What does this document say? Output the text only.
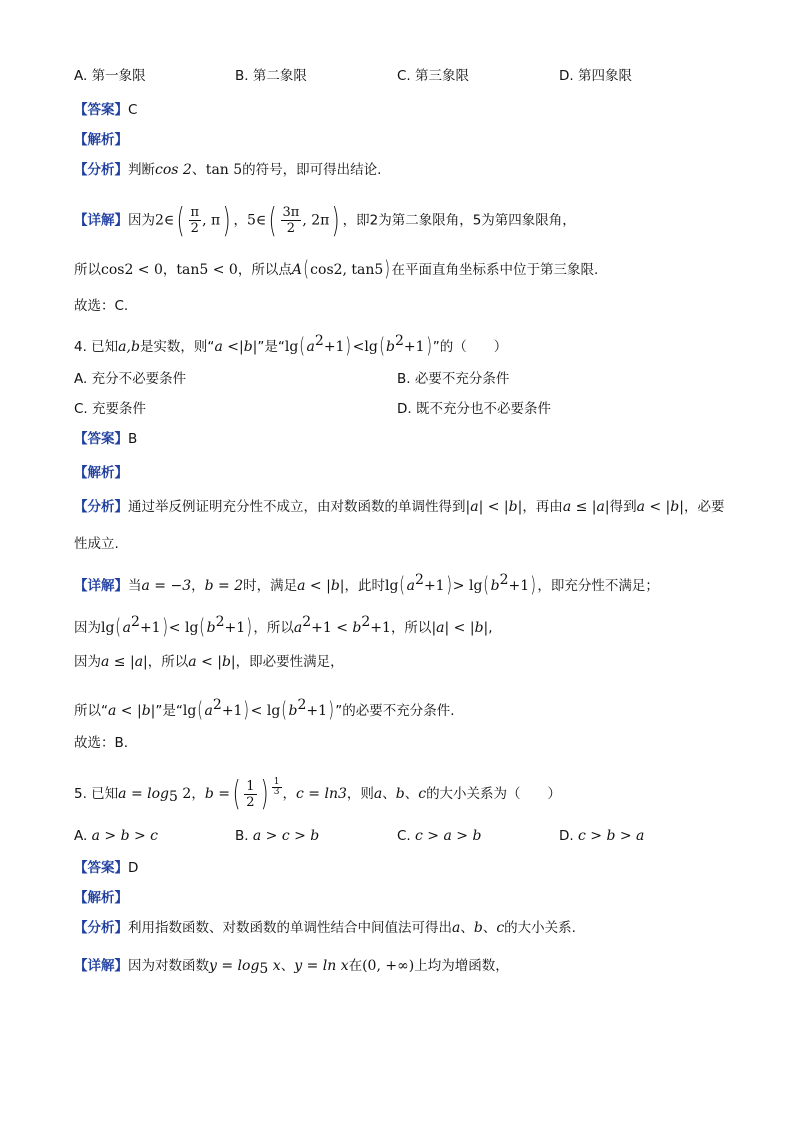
A. 第一象限	B. 第二象限	C. 第三象限	D. 第四象限
【答案】C
【解析】
【分析】判断cos 2、tan 5的符号，即可得出结论.
【详解】因为2∈( $\frac{\pi}{2}$ , π) ，5∈( $\frac{3\pi}{2}$ , 2π) ，即2为第二象限角，5为第四象限角，
所以cos2 < 0，tan5 < 0，所以点A(cos2, tan5)在平面直角坐标系中位于第三象限.
故选：C.
4. 已知a,b是实数，则“a <|b|”是“$\lg(a^2+1)<\lg(b^2+1)$”的（　　）
A. 充分不必要条件	B. 必要不充分条件
C. 充要条件	D. 既不充分也不必要条件
【答案】B
【解析】
【分析】通过举反例证明充分性不成立，由对数函数的单调性得到|a| < |b|，再由a ≤ |a|得到a < |b|，必要
性成立.
【详解】当a = −3，b = 2时，满足a < |b|，此时$\lg(a^2+1)> \lg(b^2+1)$，即充分性不满足；
因为$\lg(a^2+1)< \lg(b^2+1)$，所以$a^2+1 < b^2+1$，所以|a| < |b|,
因为a ≤ |a|，所以a < |b|，即必要性满足，
所以“a < |b|”是“$\lg(a^2+1)< \lg(b^2+1)$”的必要不充分条件.
故选：B.
5. 已知$a = \log_5 2$，b =( $\frac{1}{2}$ ) $\frac{1}{3}$ ，c = ln3，则a、b、c的大小关系为（　　）
A. a > b > c	B. a > c > b	C. c > a > b	D. c > b > a
【答案】D
【解析】
【分析】利用指数函数、对数函数的单调性结合中间值法可得出a、b、c的大小关系.
【详解】因为对数函数$y = \log_5 x$、y = ln x在(0, +∞)上均为增函数，
